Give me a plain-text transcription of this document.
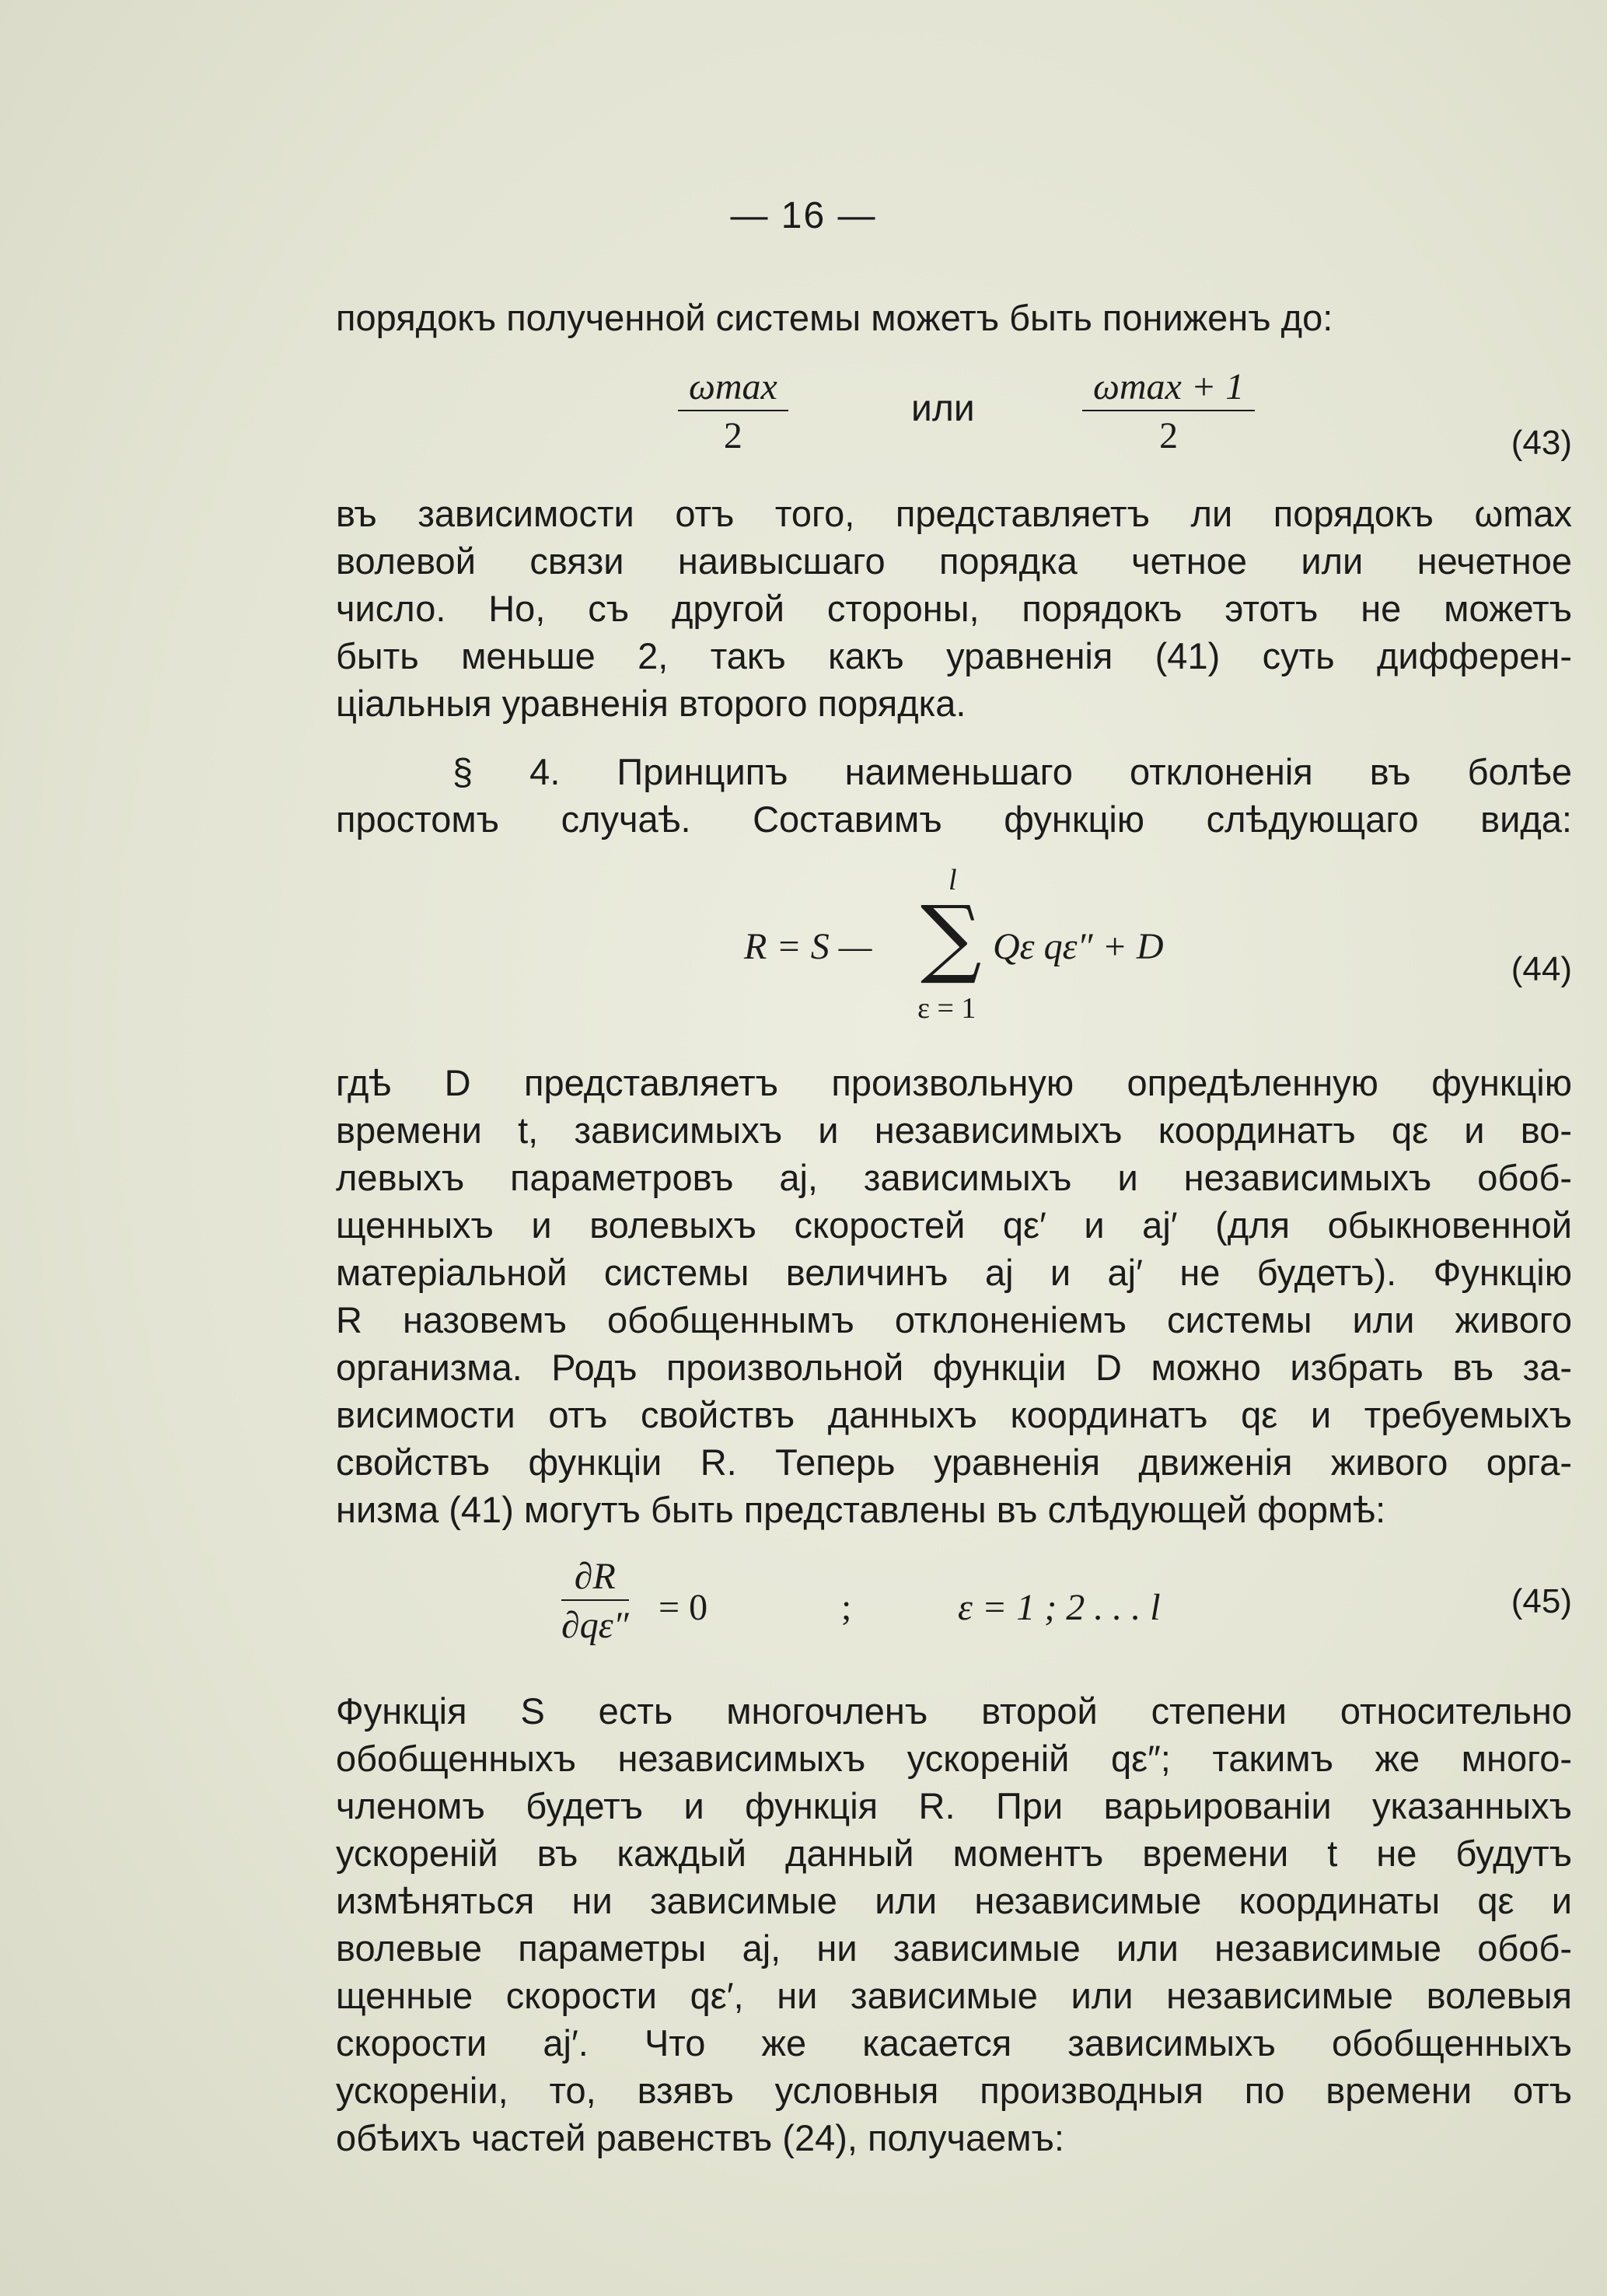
— 16 —
порядокъ полученной системы можетъ быть пониженъ до:
ωmax
2
или
ωmax + 1
2	(43)
въ зависимости отъ того, представляетъ ли порядокъ ωmax
волевой связи наивысшаго порядка четное или нечетное
число. Но, съ другой стороны, порядокъ этотъ не можетъ
быть меньше 2, такъ какъ уравненія (41) суть дифферен-
ціальныя уравненія второго порядка.
§ 4. Принципъ наименьшаго отклоненія въ болѣе
простомъ случаѣ. Составимъ функцію слѣдующаго вида:
R = S —
l
∑
ε = 1
Qε qε″ + D
(44)
гдѣ D представляетъ произвольную опредѣленную функцію
времени t, зависимыхъ и независимыхъ координатъ qε и во-
левыхъ параметровъ aj, зависимыхъ и независимыхъ обоб-
щенныхъ и волевыхъ скоростей qε′ и aj′ (для обыкновенной
матеріальной системы величинъ aj и aj′ не будетъ). Функцію
R назовемъ обобщеннымъ отклоненіемъ системы или живого
организма. Родъ произвольной функціи D можно избрать въ за-
висимости отъ свойствъ данныхъ координатъ qε и требуемыхъ
свойствъ функціи R. Теперь уравненія движенія живого орга-
низма (41) могутъ быть представлены въ слѣдующей формѣ:
$\frac{\partial R}{\partial q\varepsilon''} = 0$	;	ε = 1 ; 2 . . . l	(45)
Функція S есть многочленъ второй степени относительно
обобщенныхъ независимыхъ ускореній qε″; такимъ же много-
членомъ будетъ и функція R. При варьированіи указанныхъ
ускореній въ каждый данный моментъ времени t не будутъ
измѣняться ни зависимые или независимые координаты qε и
волевые параметры aj, ни зависимые или независимые обоб-
щенные скорости qε′, ни зависимые или независимые волевыя
скорости aj′. Что же касается зависимыхъ обобщенныхъ
ускореніи, то, взявъ условныя производныя по времени отъ
обѣихъ частей равенствъ (24), получаемъ:
